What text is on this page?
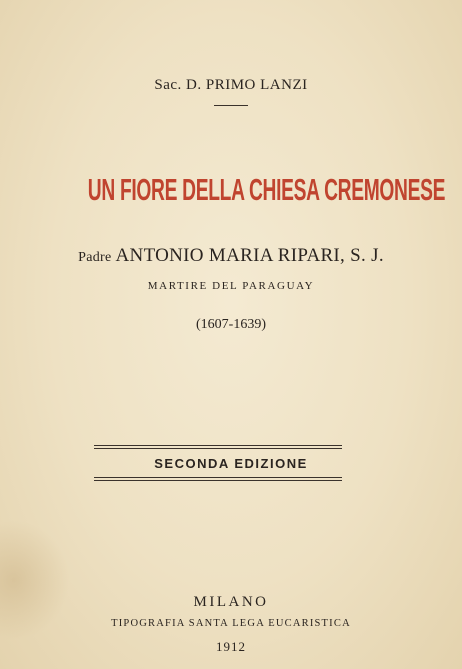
Sac. D. PRIMO LANZI
UN FIORE DELLA CHIESA CREMONESE
Padre ANTONIO MARIA RIPARI, S. J.
MARTIRE DEL PARAGUAY
(1607-1639)
SECONDA EDIZIONE
MILANO
TIPOGRAFIA SANTA LEGA EUCARISTICA
1912
